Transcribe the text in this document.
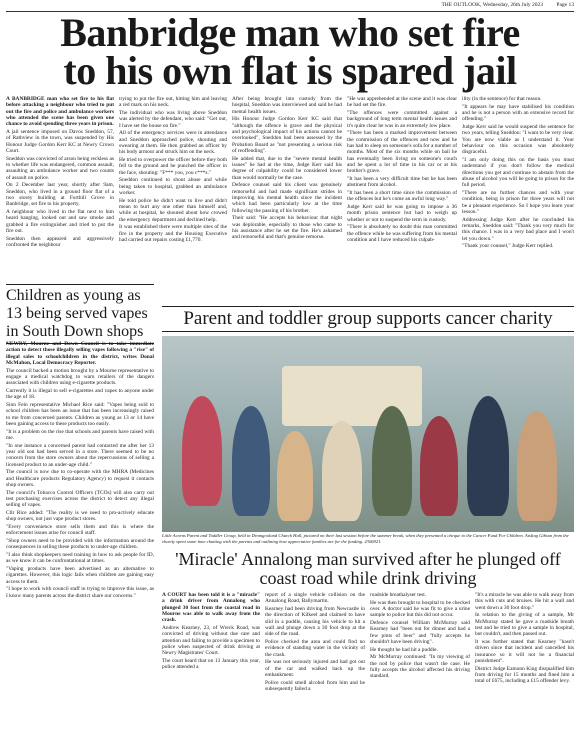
THE OUTLOOK, Wednesday, 26th July 2023 Page 13
Banbridge man who set fire to his own flat is spared jail

A BANBRIDGE man who set fire to his flat before attacking a neighbour who tried to put out the fire and police and ambulance workers who attended the scene has been given one chance to avoid spending three years in prison.

A jail sentence imposed on Davos Sneddon, 57, of Rathview in the town, was suspended by His Honour Judge Gordon Kerr KC at Newry Crown Court.

Sneddon was convicted of arson being reckless as to whether life was endangered, common assault, assaulting an ambulance worker and two counts of assault on police.

On 2 December last year, shortly after 9am, Sneddon, who lived in a ground floor flat of a two storey building at Fortbill Grove in Banbridge, set fire to his property.

A neighbour who lived in the flat next to him heard banging, looked out and saw smoke and grabbed a fire extinguisher and tried to put the fire out.

Sneddon then appeared and aggressively confronted the neighbour

trying to put the fire out, hitting him and leaving a red mark on his neck.

The individual who was living above Sneddon was alerted by the defendant, who said: "Get out, I have set the house on fire."

All of the emergency services were in attendance and Sneddon approached police, shouting and swearing at them. He then grabbed an officer by his body armour and struck him on the neck.

He tried to overpower the officer before they both fell to the ground and he punched the officer in the face, shouting: "F*** you, you c***s."

Sneddon continued to shout abuse and while being taken to hospital, grabbed an ambulance worker.

He told police he didn't want to live and didn't mean to hurt any one other than himself and, while at hospital, he shouted about how crowed the emergency department and declined help.

It was established there were multiple sites of the fire in the property and the Housing Executive had carried out repairs costing £1,770.

After being brought into custody from the hospital, Sneddon was interviewed and said he had mental health issues.

His Honour Judge Gordon Kerr KC said that "although the offence is grave and the physical and psychological impact of his actions cannot be overlooked", Sneddon had been assessed by the Probation Board as "not presenting a serious risk of reoffending".

He added that, due to the "severe mental health issues" he had at the time, Judge Kerr said his degree of culpability could be considered lower than would normally be the case.

Defence counsel said his client was genuinely remorseful and had made significant strides in improving his mental health since the incident which had been particularly low at the time following the passing of his brother.

Their said: "He accepts his behaviour that night was deplorable, especially to those who came to his assistance after he set the fire. He's ashamed and remorseful and that's genuine remorse.

"He was apprehended at the scene and it was clear he had set the fire.

"The offences were committed against a background of long term mental health issues and it's quite clear he was in an extremely low place.

"There has been a marked improvement between the commission of the offences and now and he has had to sleep on someone's sofa for a number of months. Most of the six months while on bail he has eventually been living on someone's couch and he spent a lot of time in his car or at his brother's grave.

"It has been a very difficult time but he has been abstinent from alcohol.

"It has been a short time since the commission of the offences but he's come an awful long way."

Judge Kerr said he was going to impose a 36 month prison sentence but had to weigh up whether or not to suspend the term in custody.

"There is absolutely no doubt this man committed the offence while he was suffering from his mental condition and I have reduced his culpab-

ility (in the sentence) for that reason.

"It appears he may have stabilised his condition and he is not a person with an extensive record for offending."

Judge Kerr said he would suspend the sentence for two years, telling Sneddon: "I want to be very clear. You are now viable as I understand it. Your behaviour on this occasion was absolutely disgraceful.

"I am only doing this on the basis you must understand if you don't follow the medical directions you get and continue to abstain from the abuse of alcohol you will be going to prison for the full period.

"There are no further chances and with your condition, being in prison for three years will not be a pleasant experience. So I hope you learn your lesson."

Addressing Judge Kerr after he concluded his remarks, Sneddon said: "Thank you very much for this chance. I was in a very bad place and I won't let you down."

"Thank your counsel," Judge Kerr replied.

Children as young as 13 being served vapes in South Down shops

NEWRY, Mourne and Down Council is to take immediate action to detect those illegally selling vapes following a "rise" of illegal sales to schoolchildren in the district, writes Donal McMahon, Local Democracy Reporter.

The council backed a motion brought by a Mourne representative to engage a medical watchdog to warn retailers of the dangers associated with children using e-cigarette products.

Currently it is illegal to sell e-cigarettes and vapes to anyone under the age of 18.

Sinn Fein representative Michael Rice said: "Vapes being sold to school children has been an issue that has been increasingly raised to me from concerned parents. Children as young as 13 or 14 have been gaining access to these products too easily.

"It is a problem on the rise that schools and parents have raised with me.

"In one instance a concerned parent had contacted me after her 13 year old son had been served in a store. There seemed to be no concern from the store owners about the repercussions of selling a licensed product to an under-age child."

The council is now due to co-operate with the MHRA (Medicines and Healthcare products Regulatory Agency) to request it contacts shop owners.

The council's Tobacco Control Officers (TCOs) will also carry out test purchasing exercises across the district to detect any illegal selling of vapes.

Cllr Rice added: "The reality is we need to pro-actively educate shop owners, not just vape product stores.

"Every convenience store sells them and this is where the enforcement issues arise for council staff.

"Shop owners need to be provided with the information around the consequences in selling these products to under-age children.

"I also think shopkeepers need training in how to ask people for ID, as we know it can be confrontational at times.

"Vaping products have been advertised as an alternative to cigarettes. However, this logic fails when children are gaining easy access to them.

"I hope to work with council staff in trying to improve this issue, as I know many parents across the district share our concerns."

Parent and toddler group supports cancer charity
Little Acorns Parent and Toddler Group, held in Dromgooland Church Hall, pictured on their last session before the summer break, when they presented a cheque to the Cancer Fund For Children. Aisling Gibson from the charity spent some time chatting with the parents and outlining how appreciative families are for the funding. 2306921.
'Miracle' Annalong man survived after he plunged off coast road while drink driving

A COURT has been told it is a "miracle" a drink driver from Annalong who plunged 30 foot from the coastal road in Mourne was able to walk away from the crash.

Andrew Kearney, 23, of Wreck Road, was convicted of driving without due care and attention and failing to provide a specimen to police when suspected of drink driving at Newry Magistrates' Court.

The court heard that on 13 January this year, police attended a

report of a single vehicle collision on the Annalong Road, Ballymartin.

Kearney had been driving from Newcastle in the direction of Kilkeel and claimed to have slid in a puddle, causing his vehicle to hit a wall and plunge down a 30 foot drop at the side of the road.

Police checked the area and could find no evidence of standing water in the vicinity of the crash.

He was not seriously injured and had got out of the car and walked back up the embankment.

Police could smell alcohol from him and he subsequently failed a

roadside breathalyser test.

He was then brought to hospital to be checked over. A doctor said he was fit to give a urine sample to police but this did not occur.

Defence counsel William McMurray said Kearney had "been out for dinner and had a few pints of beer" and "fully accepts he shouldn't have been driving".

He thought he had hit a puddle.

Mr McMurray continued: "In my viewing of the nod by police that wasn't the case. He fully accepts the alcohol affected his driving standard.

"It's a miracle he was able to walk away from this with cuts and bruises. He hit a wall and went down a 30 foot drop."

In relation to the giving of a sample, Mr McMurray stated he gave a roadside breath test and he tried to give a sample in hospital, but couldn't, and then passed out.

It was further stated that Kearney "hasn't driven since that incident and cancelled his insurance so it will not be a financial punishment".

District Judge Eamonn King disqualified him from driving for 15 months and fined him a total of £675, including a £15 offender levy.
